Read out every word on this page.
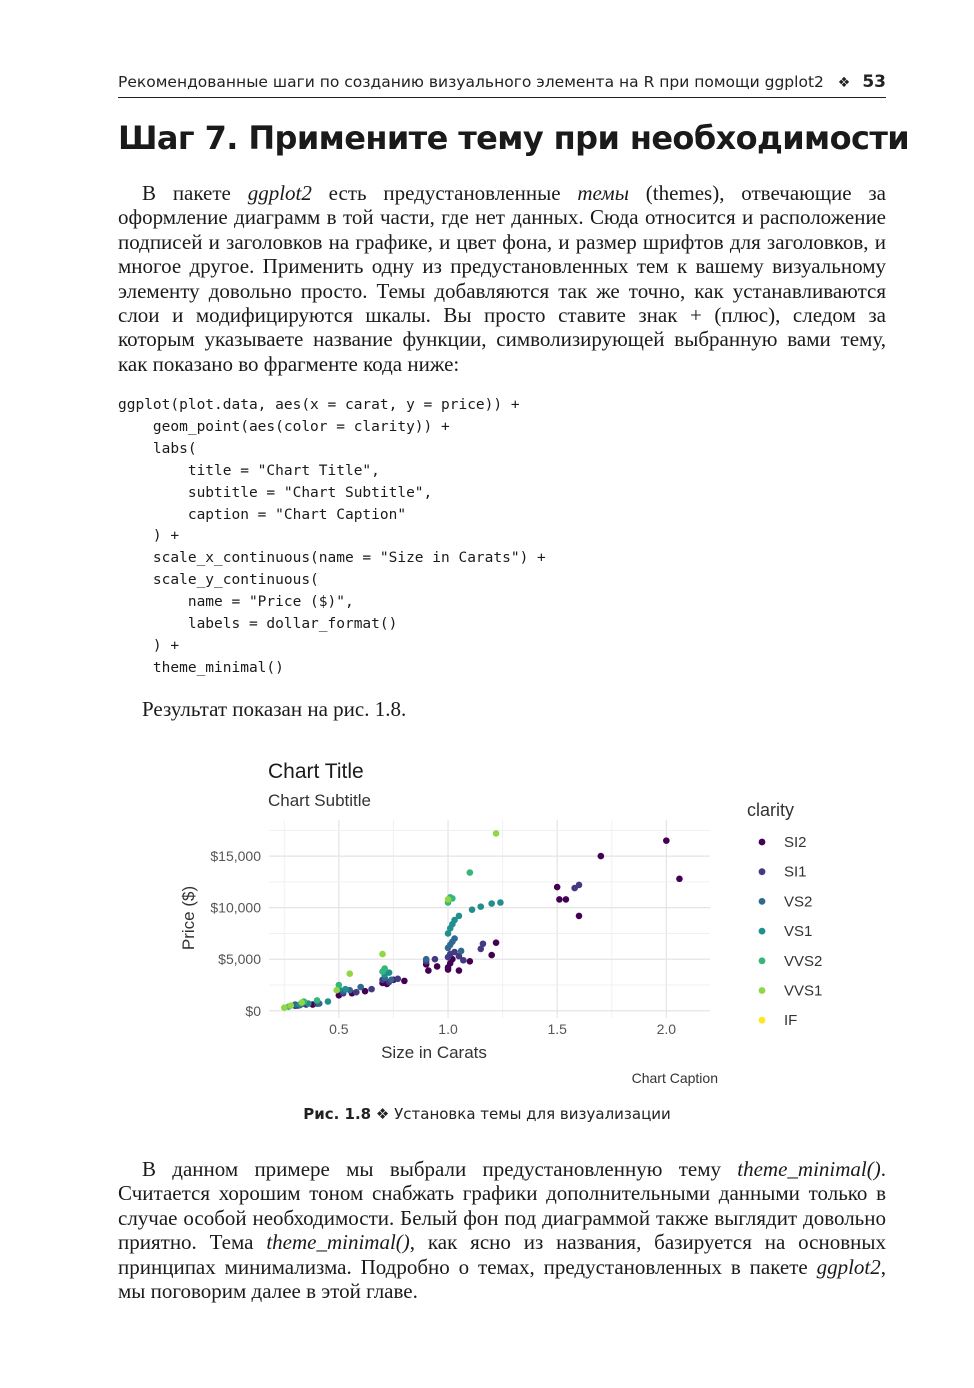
Рекомендованные шаги по созданию визуального элемента на R при помощи ggplot2 ❖ 53
Шаг 7. Примените тему при необходимости

В пакете ggplot2 есть предустановленные темы (themes), отвечающие за оформление диаграмм в той части, где нет данных. Сюда относится и расположение подписей и заголовков на графике, и цвет фона, и размер шрифтов для заголовков, и многое другое. Применить одну из предустановленных тем к вашему визуальному элементу довольно просто. Темы добавляются так же точно, как устанавливаются слои и модифицируются шкалы. Вы просто ставите знак + (плюс), следом за которым указываете название функции, символизирующей выбранную вами тему, как показано во фрагменте кода ниже:

ggplot(plot.data, aes(x = carat, y = price)) +
geom_point(aes(color = clarity)) +
labs(
title = "Chart Title",
subtitle = "Chart Subtitle",
caption = "Chart Caption"
) +
scale_x_continuous(name = "Size in Carats") +
scale_y_continuous(
name = "Price ($)",
labels = dollar_format()
) +
theme_minimal()
Результат показан на рис. 1.8.
0.5	1.0	1.5	2.0
$0
$5,000
$10,000
$15,000
Chart Title
Chart Subtitle
Size in Carats
Price ($)
Chart Caption
clarity
SI2
SI1
VS2
VS1
VVS2
VVS1
IF
Рис. 1.8 ❖ Установка темы для визуализации

В данном примере мы выбрали предустановленную тему theme_minimal(). Считается хорошим тоном снабжать графики дополнительными данными только в случае особой необходимости. Белый фон под диаграммой также выглядит довольно приятно. Тема theme_minimal(), как ясно из названия, базируется на основных принципах минимализма. Подробно о темах, предустановленных в пакете ggplot2, мы поговорим далее в этой главе.
